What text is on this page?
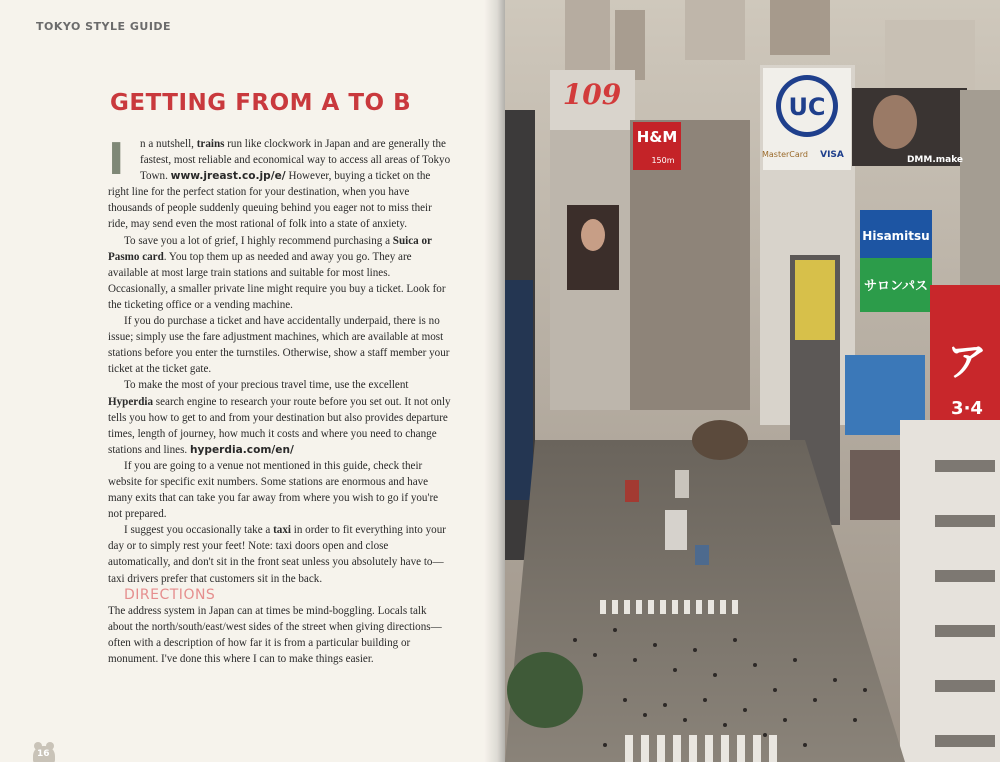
TOKYO STYLE GUIDE
GETTING FROM A TO B

I	n a nutshell, trains run like clockwork in Japan and are generally the fastest, most reliable and economical way to access all areas of Tokyo Town. www.jreast.co.jp/e/ However, buying a ticket on the right line for the perfect station for your destination, when you have thousands of people suddenly queuing behind you eager not to miss their ride, may send even the most rational of folk into a state of anxiety.

To save you a lot of grief, I highly recommend purchasing a Suica or Pasmo card. You top them up as needed and away you go. They are available at most large train stations and suitable for most lines. Occasionally, a smaller private line might require you buy a ticket. Look for the ticketing office or a vending machine.

If you do purchase a ticket and have accidentally underpaid, there is no issue; simply use the fare adjustment machines, which are available at most stations before you enter the turnstiles. Otherwise, show a staff member your ticket at the ticket gate.

To make the most of your precious travel time, use the excellent Hyperdia search engine to research your route before you set out. It not only tells you how to get to and from your destination but also provides departure times, length of journey, how much it costs and where you need to change stations and lines. hyperdia.com/en/

If you are going to a venue not mentioned in this guide, check their website for specific exit numbers. Some stations are enormous and have many exits that can take you far away from where you wish to go if you're not prepared.

I suggest you occasionally take a taxi in order to fit everything into your day or to simply rest your feet! Note: taxi doors open and close automatically, and don't sit in the front seat unless you absolutely have to—taxi drivers prefer that customers sit in the back.

DIRECTIONS

The address system in Japan can at times be mind-boggling. Locals talk about the north/south/east/west sides of the street when giving directions—often with a description of how far it is from a particular building or monument. I've done this where I can to make things easier.

16
109	UC
MasterCard VISA
H&M
150m	DMM.make
Hisamitsu
サロンパス
ア
3·4
